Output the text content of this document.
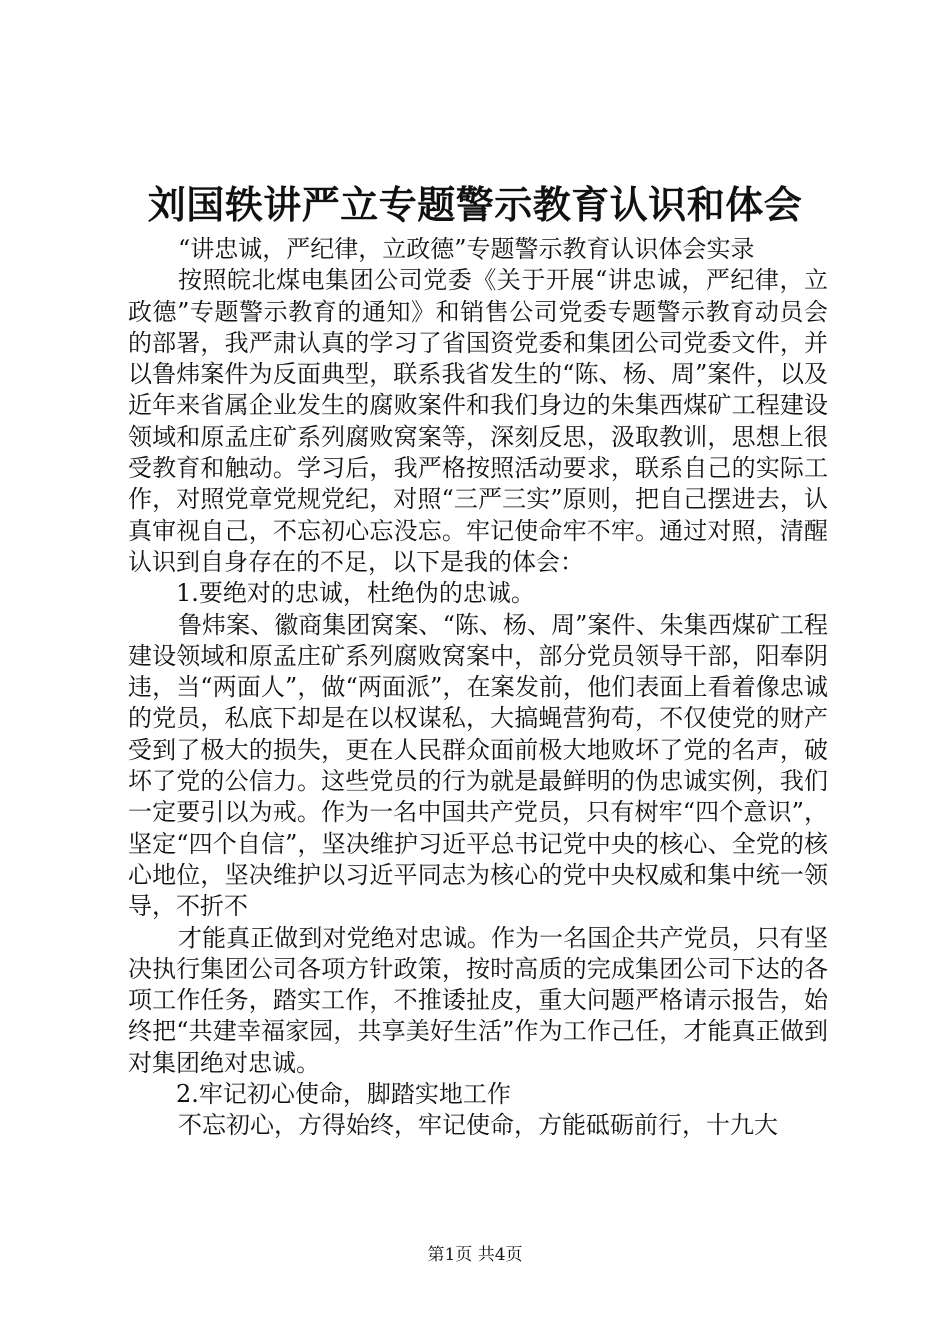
刘国轶讲严立专题警示教育认识和体会

“讲忠诚，严纪律，立政德”专题警示教育认识体会实录

按照皖北煤电集团公司党委《关于开展“讲忠诚，严纪律，立政德”专题警示教育的通知》和销售公司党委专题警示教育动员会的部署，我严肃认真的学习了省国资党委和集团公司党委文件，并以鲁炜案件为反面典型，联系我省发生的“陈、杨、周”案件，以及近年来省属企业发生的腐败案件和我们身边的朱集西煤矿工程建设领域和原孟庄矿系列腐败窝案等，深刻反思，汲取教训，思想上很受教育和触动。学习后，我严格按照活动要求，联系自己的实际工作，对照党章党规党纪，对照“三严三实”原则，把自己摆进去，认真审视自己，不忘初心忘没忘。牢记使命牢不牢。通过对照，清醒认识到自身存在的不足，以下是我的体会：

1.要绝对的忠诚，杜绝伪的忠诚。

鲁炜案、徽商集团窝案、“陈、杨、周”案件、朱集西煤矿工程建设领域和原孟庄矿系列腐败窝案中，部分党员领导干部，阳奉阴违，当“两面人”，做“两面派”，在案发前，他们表面上看着像忠诚的党员，私底下却是在以权谋私，大搞蝇营狗苟，不仅使党的财产受到了极大的损失，更在人民群众面前极大地败坏了党的名声，破坏了党的公信力。这些党员的行为就是最鲜明的伪忠诚实例，我们一定要引以为戒。作为一名中国共产党员，只有树牢“四个意识”，坚定“四个自信”，坚决维护习近平总书记党中央的核心、全党的核心地位，坚决维护以习近平同志为核心的党中央权威和集中统一领导，不折不

才能真正做到对党绝对忠诚。作为一名国企共产党员，只有坚决执行集团公司各项方针政策，按时高质的完成集团公司下达的各项工作任务，踏实工作，不推诿扯皮，重大问题严格请示报告，始终把“共建幸福家园，共享美好生活”作为工作己任，才能真正做到对集团绝对忠诚。

2.牢记初心使命，脚踏实地工作

不忘初心，方得始终，牢记使命，方能砥砺前行，十九大

第1页 共4页
